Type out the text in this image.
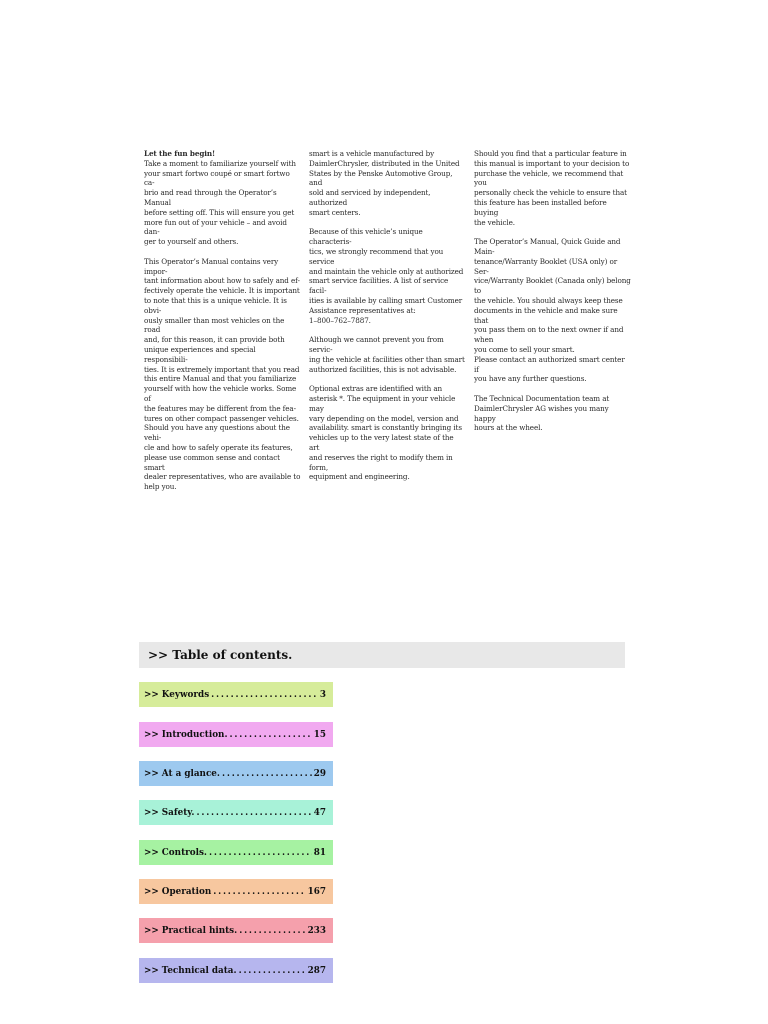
Let the fun begin!

Take a moment to familiarize yourself with
your smart fortwo coupé or smart fortwo ca-
brio and read through the Operator’s Manual
before setting off. This will ensure you get
more fun out of your vehicle – and avoid dan-
ger to yourself and others.

This Operator’s Manual contains very impor-
tant information about how to safely and ef-
fectively operate the vehicle. It is important
to note that this is a unique vehicle. It is obvi-
ously smaller than most vehicles on the road
and, for this reason, it can provide both
unique experiences and special responsibili-
ties. It is extremely important that you read
this entire Manual and that you familiarize
yourself with how the vehicle works. Some of
the features may be different from the fea-
tures on other compact passenger vehicles.
Should you have any questions about the vehi-
cle and how to safely operate its features,
please use common sense and contact smart
dealer representatives, who are available to
help you.

smart is a vehicle manufactured by
DaimlerChrysler, distributed in the United
States by the Penske Automotive Group, and
sold and serviced by independent, authorized
smart centers.

Because of this vehicle’s unique characteris-
tics, we strongly recommend that you service
and maintain the vehicle only at authorized
smart service facilities. A list of service facil-
ities is available by calling smart Customer
Assistance representatives at:
1–800–762–7887.

Although we cannot prevent you from servic-
ing the vehicle at facilities other than smart
authorized facilities, this is not advisable.

Optional extras are identified with an
asterisk *. The equipment in your vehicle may
vary depending on the model, version and
availability. smart is constantly bringing its
vehicles up to the very latest state of the art
and reserves the right to modify them in form,
equipment and engineering.

Should you find that a particular feature in
this manual is important to your decision to
purchase the vehicle, we recommend that you
personally check the vehicle to ensure that
this feature has been installed before buying
the vehicle.

The Operator’s Manual, Quick Guide and Main-
tenance/Warranty Booklet (USA only) or Ser-
vice/Warranty Booklet (Canada only) belong to
the vehicle. You should always keep these
documents in the vehicle and make sure that
you pass them on to the next owner if and when
you come to sell your smart.
Please contact an authorized smart center if
you have any further questions.

The Technical Documentation team at
DaimlerChrysler AG wishes you many happy
hours at the wheel.

>> Table of contents.
>> Keywords .....	3
>> Introduction. .....	15
>> At a glance. .....	29
>> Safety. .....	47
>> Controls. .....	81
>> Operation .....	167
>> Practical hints. .....	233
>> Technical data. .....	287
